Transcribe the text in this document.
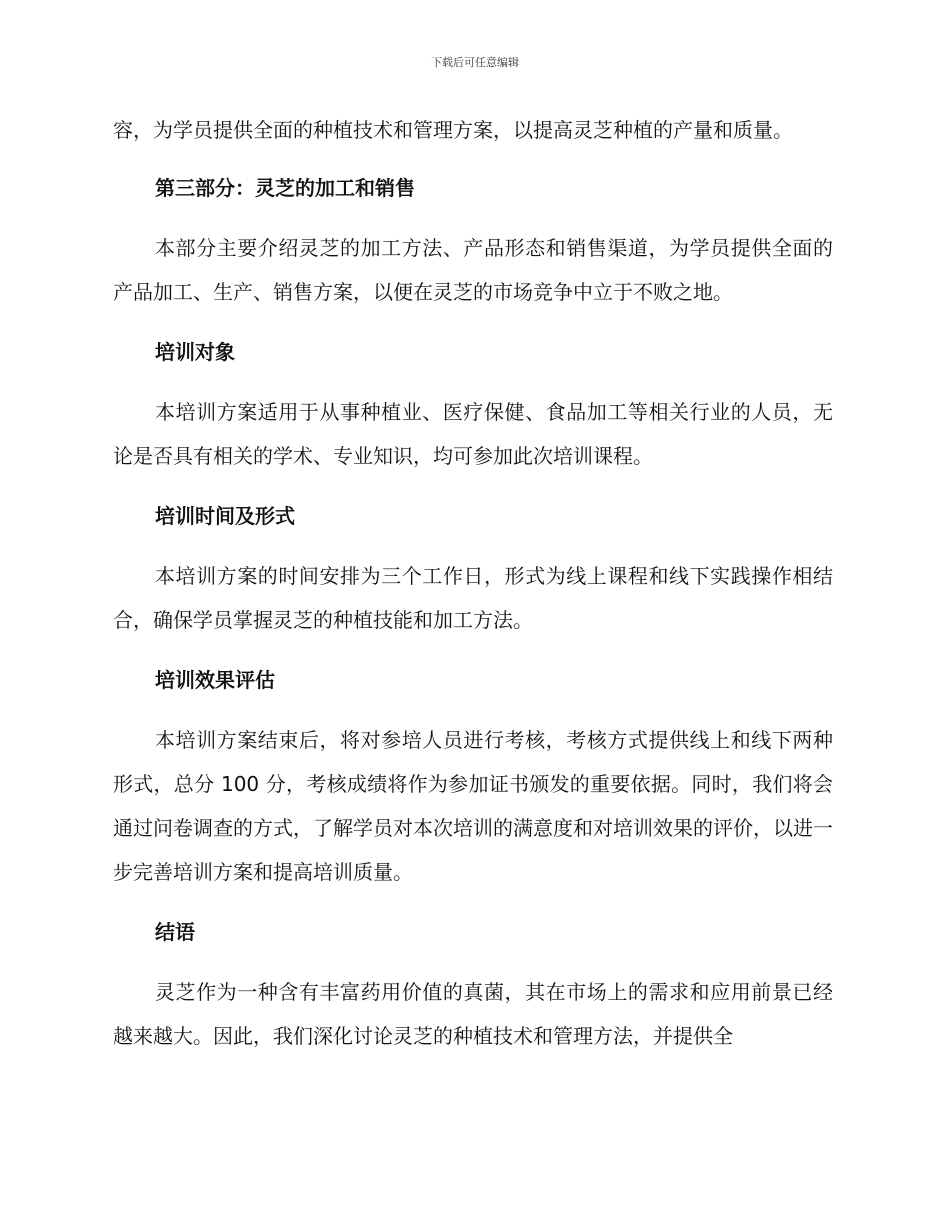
下载后可任意编辑

容，为学员提供全面的种植技术和管理方案，以提高灵芝种植的产量和质量。

第三部分：灵芝的加工和销售

本部分主要介绍灵芝的加工方法、产品形态和销售渠道，为学员提供全面的产品加工、生产、销售方案，以便在灵芝的市场竞争中立于不败之地。

培训对象

本培训方案适用于从事种植业、医疗保健、食品加工等相关行业的人员，无论是否具有相关的学术、专业知识，均可参加此次培训课程。

培训时间及形式

本培训方案的时间安排为三个工作日，形式为线上课程和线下实践操作相结合，确保学员掌握灵芝的种植技能和加工方法。

培训效果评估

本培训方案结束后，将对参培人员进行考核，考核方式提供线上和线下两种形式，总分 100 分，考核成绩将作为参加证书颁发的重要依据。同时，我们将会通过问卷调查的方式，了解学员对本次培训的满意度和对培训效果的评价，以进一步完善培训方案和提高培训质量。

结语

灵芝作为一种含有丰富药用价值的真菌，其在市场上的需求和应用前景已经越来越大。因此，我们深化讨论灵芝的种植技术和管理方法，并提供全
